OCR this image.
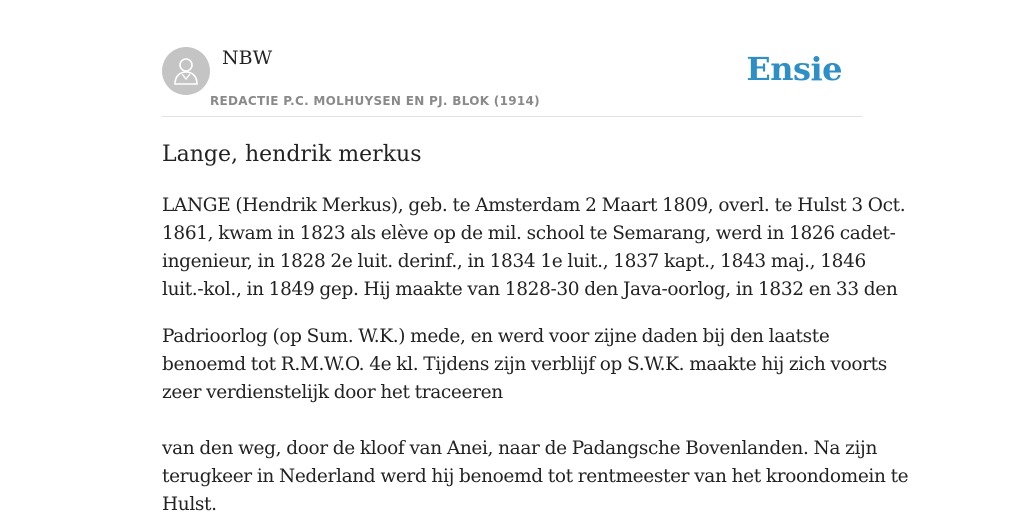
NBW
REDACTIE P.C. MOLHUYSEN EN PJ. BLOK (1914)
Ensie
Lange, hendrik merkus

LANGE (Hendrik Merkus), geb. te Amsterdam 2 Maart 1809, overl. te Hulst 3 Oct.
1861, kwam in 1823 als elève op de mil. school te Semarang, werd in 1826 cadet-
ingenieur, in 1828 2e luit. derinf., in 1834 1e luit., 1837 kapt., 1843 maj., 1846
luit.-kol., in 1849 gep. Hij maakte van 1828-30 den Java-oorlog, in 1832 en 33 den

Padrioorlog (op Sum. W.K.) mede, en werd voor zijne daden bij den laatste
benoemd tot R.M.W.O. 4e kl. Tijdens zijn verblijf op S.W.K. maakte hij zich voorts
zeer verdienstelijk door het traceeren

van den weg, door de kloof van Anei, naar de Padangsche Bovenlanden. Na zijn
terugkeer in Nederland werd hij benoemd tot rentmeester van het kroondomein te
Hulst.
